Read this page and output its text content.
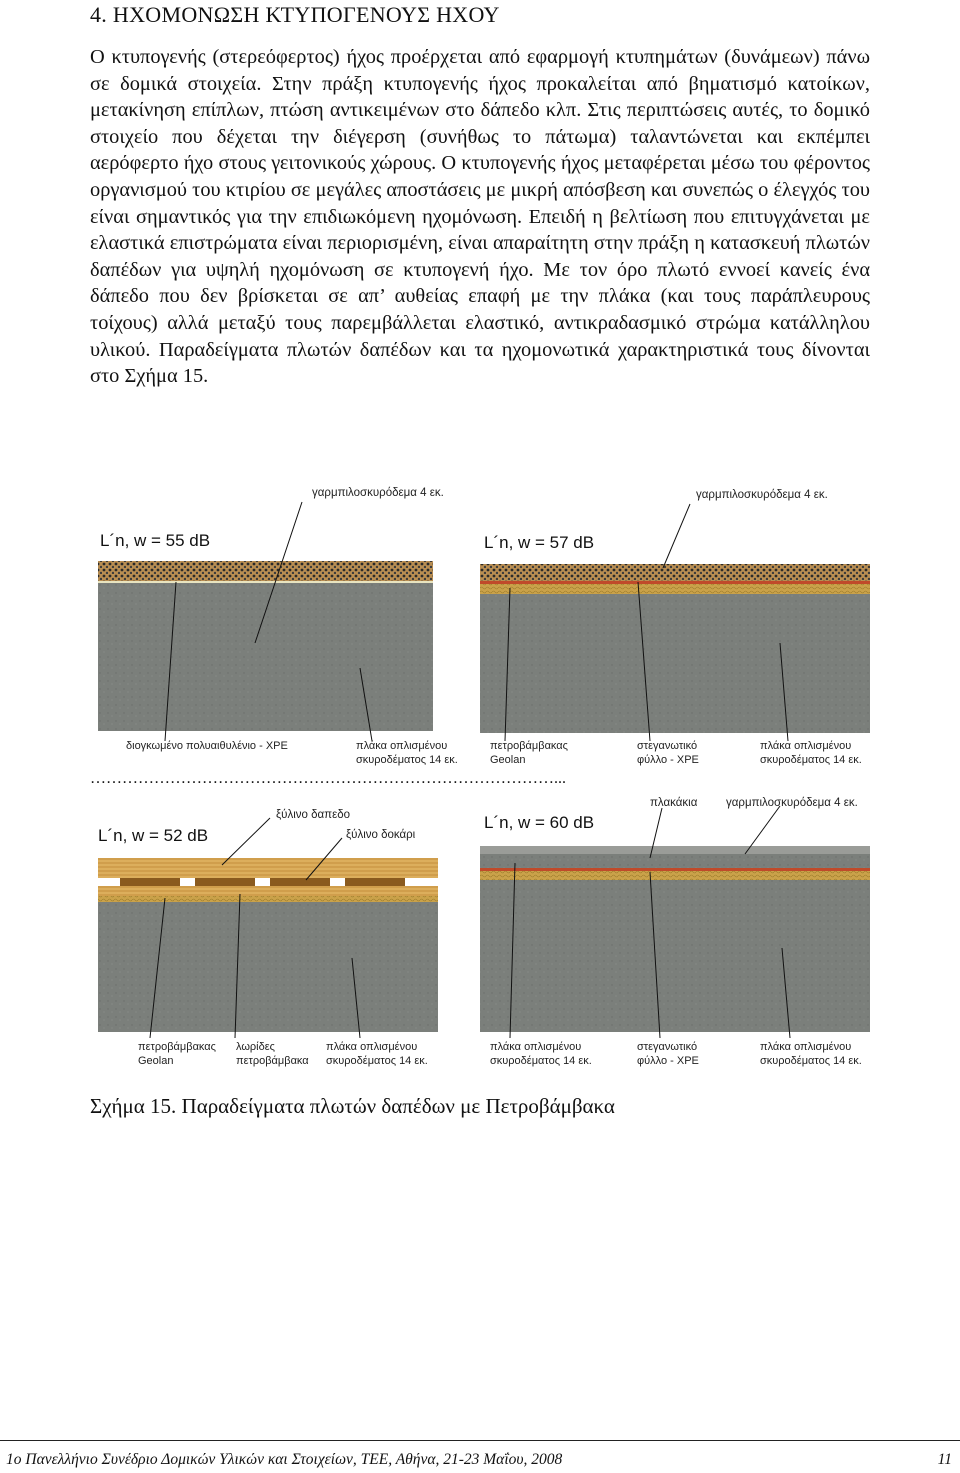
4. ΗΧΟΜΟΝΩΣΗ ΚΤΥΠΟΓΕΝΟΥΣ ΗΧΟΥ
Ο κτυπογενής (στερεόφερτος) ήχος προέρχεται από εφαρμογή κτυπημάτων (δυνάμεων) πάνω σε δομικά στοιχεία. Στην πράξη κτυπογενής ήχος προκαλείται από βηματισμό κατοίκων, μετακίνηση επίπλων, πτώση αντικειμένων στο δάπεδο κλπ. Στις περιπτώσεις αυτές, το δομικό στοιχείο που δέχεται την διέγερση (συνήθως το πάτωμα) ταλαντώνεται και εκπέμπει αερόφερτο ήχο στους γειτονικούς χώρους. Ο κτυπογενής ήχος μεταφέρεται μέσω του φέροντος οργανισμού του κτιρίου σε μεγάλες αποστάσεις με μικρή απόσβεση και συνεπώς ο έλεγχός του είναι σημαντικός για την επιδιωκόμενη ηχομόνωση. Επειδή η βελτίωση που επιτυγχάνεται με ελαστικά επιστρώματα είναι περιορισμένη, είναι απαραίτητη στην πράξη η κατασκευή πλωτών δαπέδων για υψηλή ηχομόνωση σε κτυπογενή ήχο. Με τον όρο πλωτό εννοεί κανείς ένα δάπεδο που δεν βρίσκεται σε απ’ αυθείας επαφή με την πλάκα (και τους παράπλευρους τοίχους) αλλά μεταξύ τους παρεμβάλλεται ελαστικό, αντικραδασμικό στρώμα κατάλληλου υλικού. Παραδείγματα πλωτών δαπέδων και τα ηχομονωτικά χαρακτηριστικά τους δίνονται στο Σχήμα 15.
L´n, w = 55 dB
γαρμπιλοσκυρόδεμα 4 εκ.
διογκωμένο πολυαιθυλένιο - XPE	πλάκα οπλισμένου
σκυροδέματος 14 εκ.
L´n, w = 57 dB
γαρμπιλοσκυρόδεμα 4 εκ.
πετροβάμβακας
Geolan
στεγανωτικό
φύλλο - XPE
πλάκα οπλισμένου
σκυροδέματος 14 εκ.
……………………………………………………………………………...
L´n, w = 52 dB
ξύλινο δαπεδο
ξύλινο δοκάρι
πετροβάμβακας
Geolan
λωρίδες
πετροβάμβακα
πλάκα οπλισμένου
σκυροδέματος 14 εκ.
L´n, w = 60 dB
πλακάκια γαρμπιλοσκυρόδεμα 4 εκ.
πλάκα οπλισμένου
σκυροδέματος 14 εκ.
στεγανωτικό
φύλλο - XPE
πλάκα οπλισμένου
σκυροδέματος 14 εκ.
Σχήμα 15. Παραδείγματα πλωτών δαπέδων με Πετροβάμβακα
1ο Πανελλήνιο Συνέδριο Δομικών Υλικών και Στοιχείων, ΤΕΕ, Αθήνα, 21-23 Μαΐου, 2008	11
